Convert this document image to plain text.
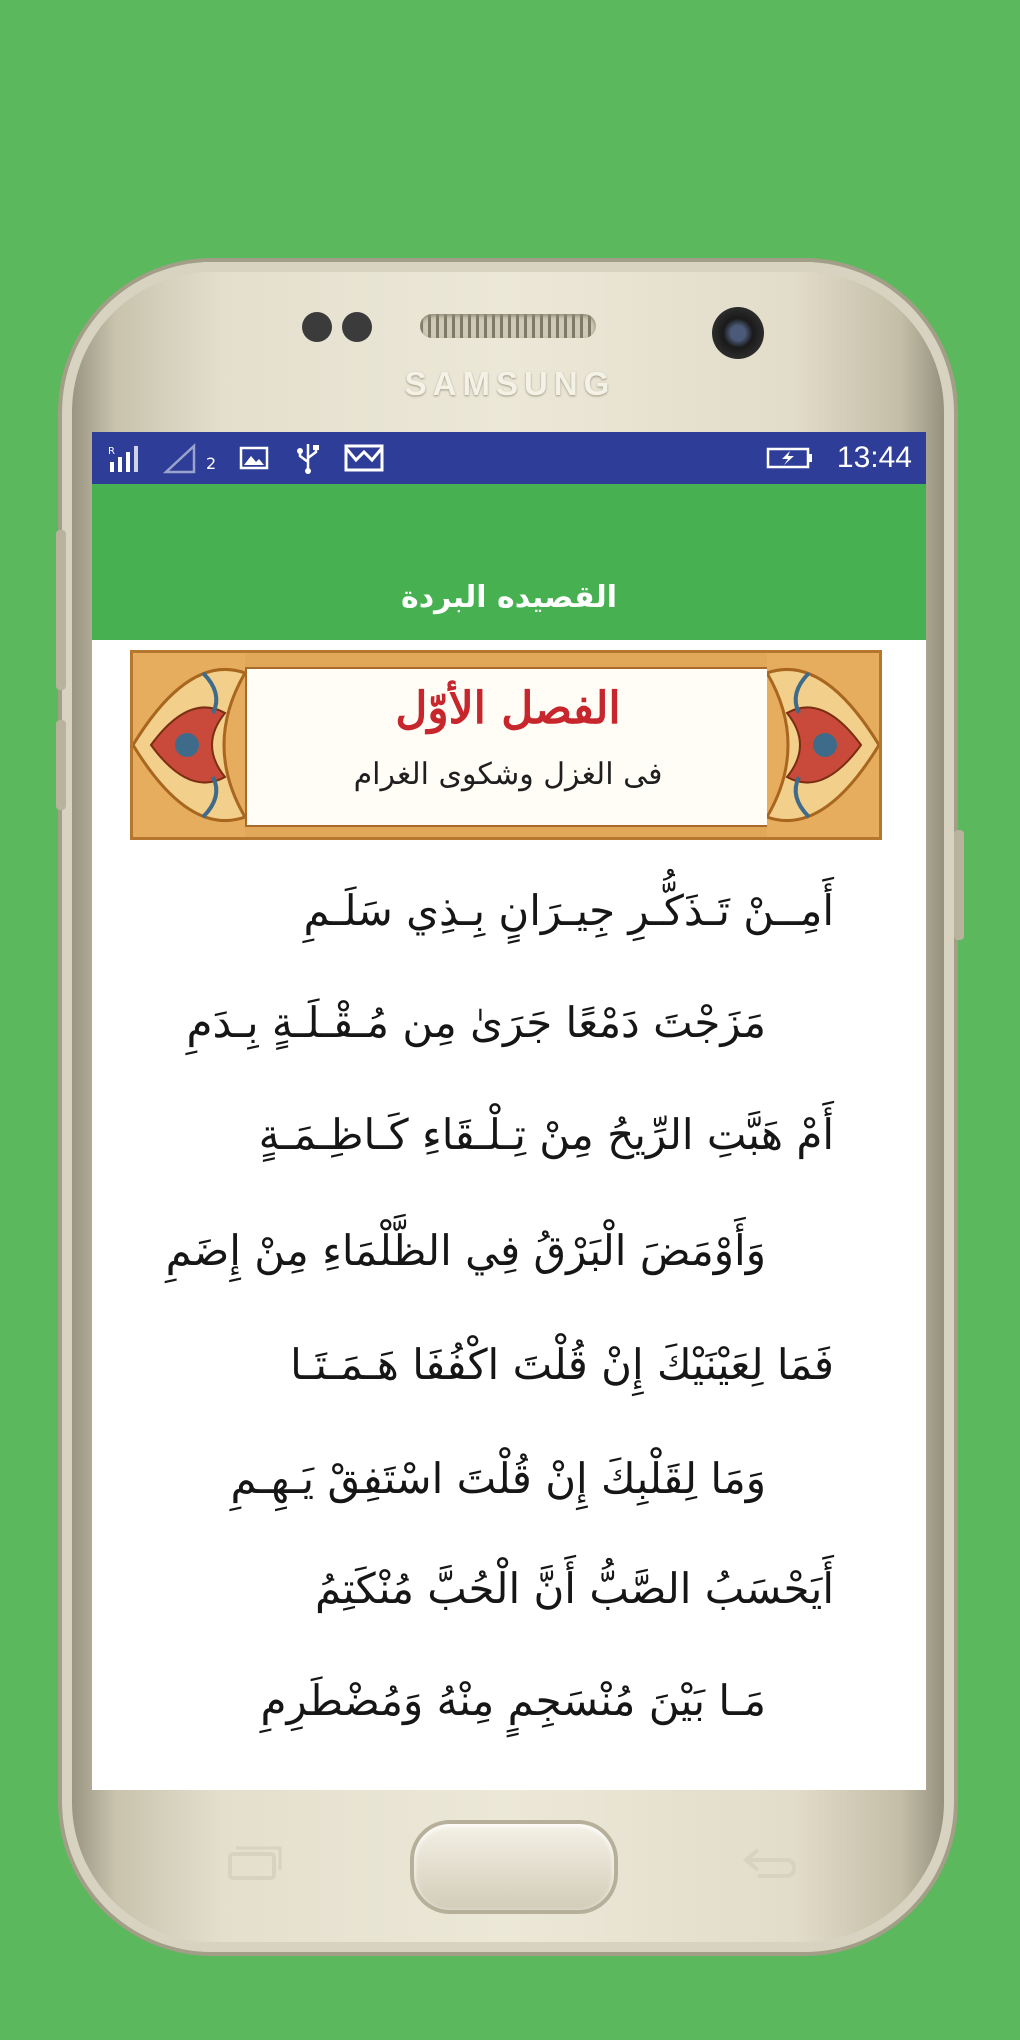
SAMSUNG
R
2	13:44
القصيده البردة
الفصل الأوّل
فى الغزل وشكوى الغرام
أَمِــنْ تَـذَكُّـرِ جِيـرَانٍ بِـذِي سَلَـمِ
مَزَجْتَ دَمْعًا جَرَىٰ مِن مُـقْـلَـةٍ بِـدَمِ
أَمْ هَبَّتِ الرِّيحُ مِنْ تِـلْـقَاءِ كَـاظِـمَـةٍ
وَأَوْمَضَ الْبَرْقُ فِي الظَّلْمَاءِ مِنْ إِضَمِ
فَمَا لِعَيْنَيْكَ إِنْ قُلْتَ اكْفُفَا هَـمَـتَـا
وَمَا لِقَلْبِكَ إِنْ قُلْتَ اسْتَفِقْ يَـهِـمِ
أَيَحْسَبُ الصَّبُّ أَنَّ الْحُبَّ مُنْكَتِمُ
مَـا بَيْنَ مُنْسَجِمٍ مِنْهُ وَمُضْطَرِمِ
